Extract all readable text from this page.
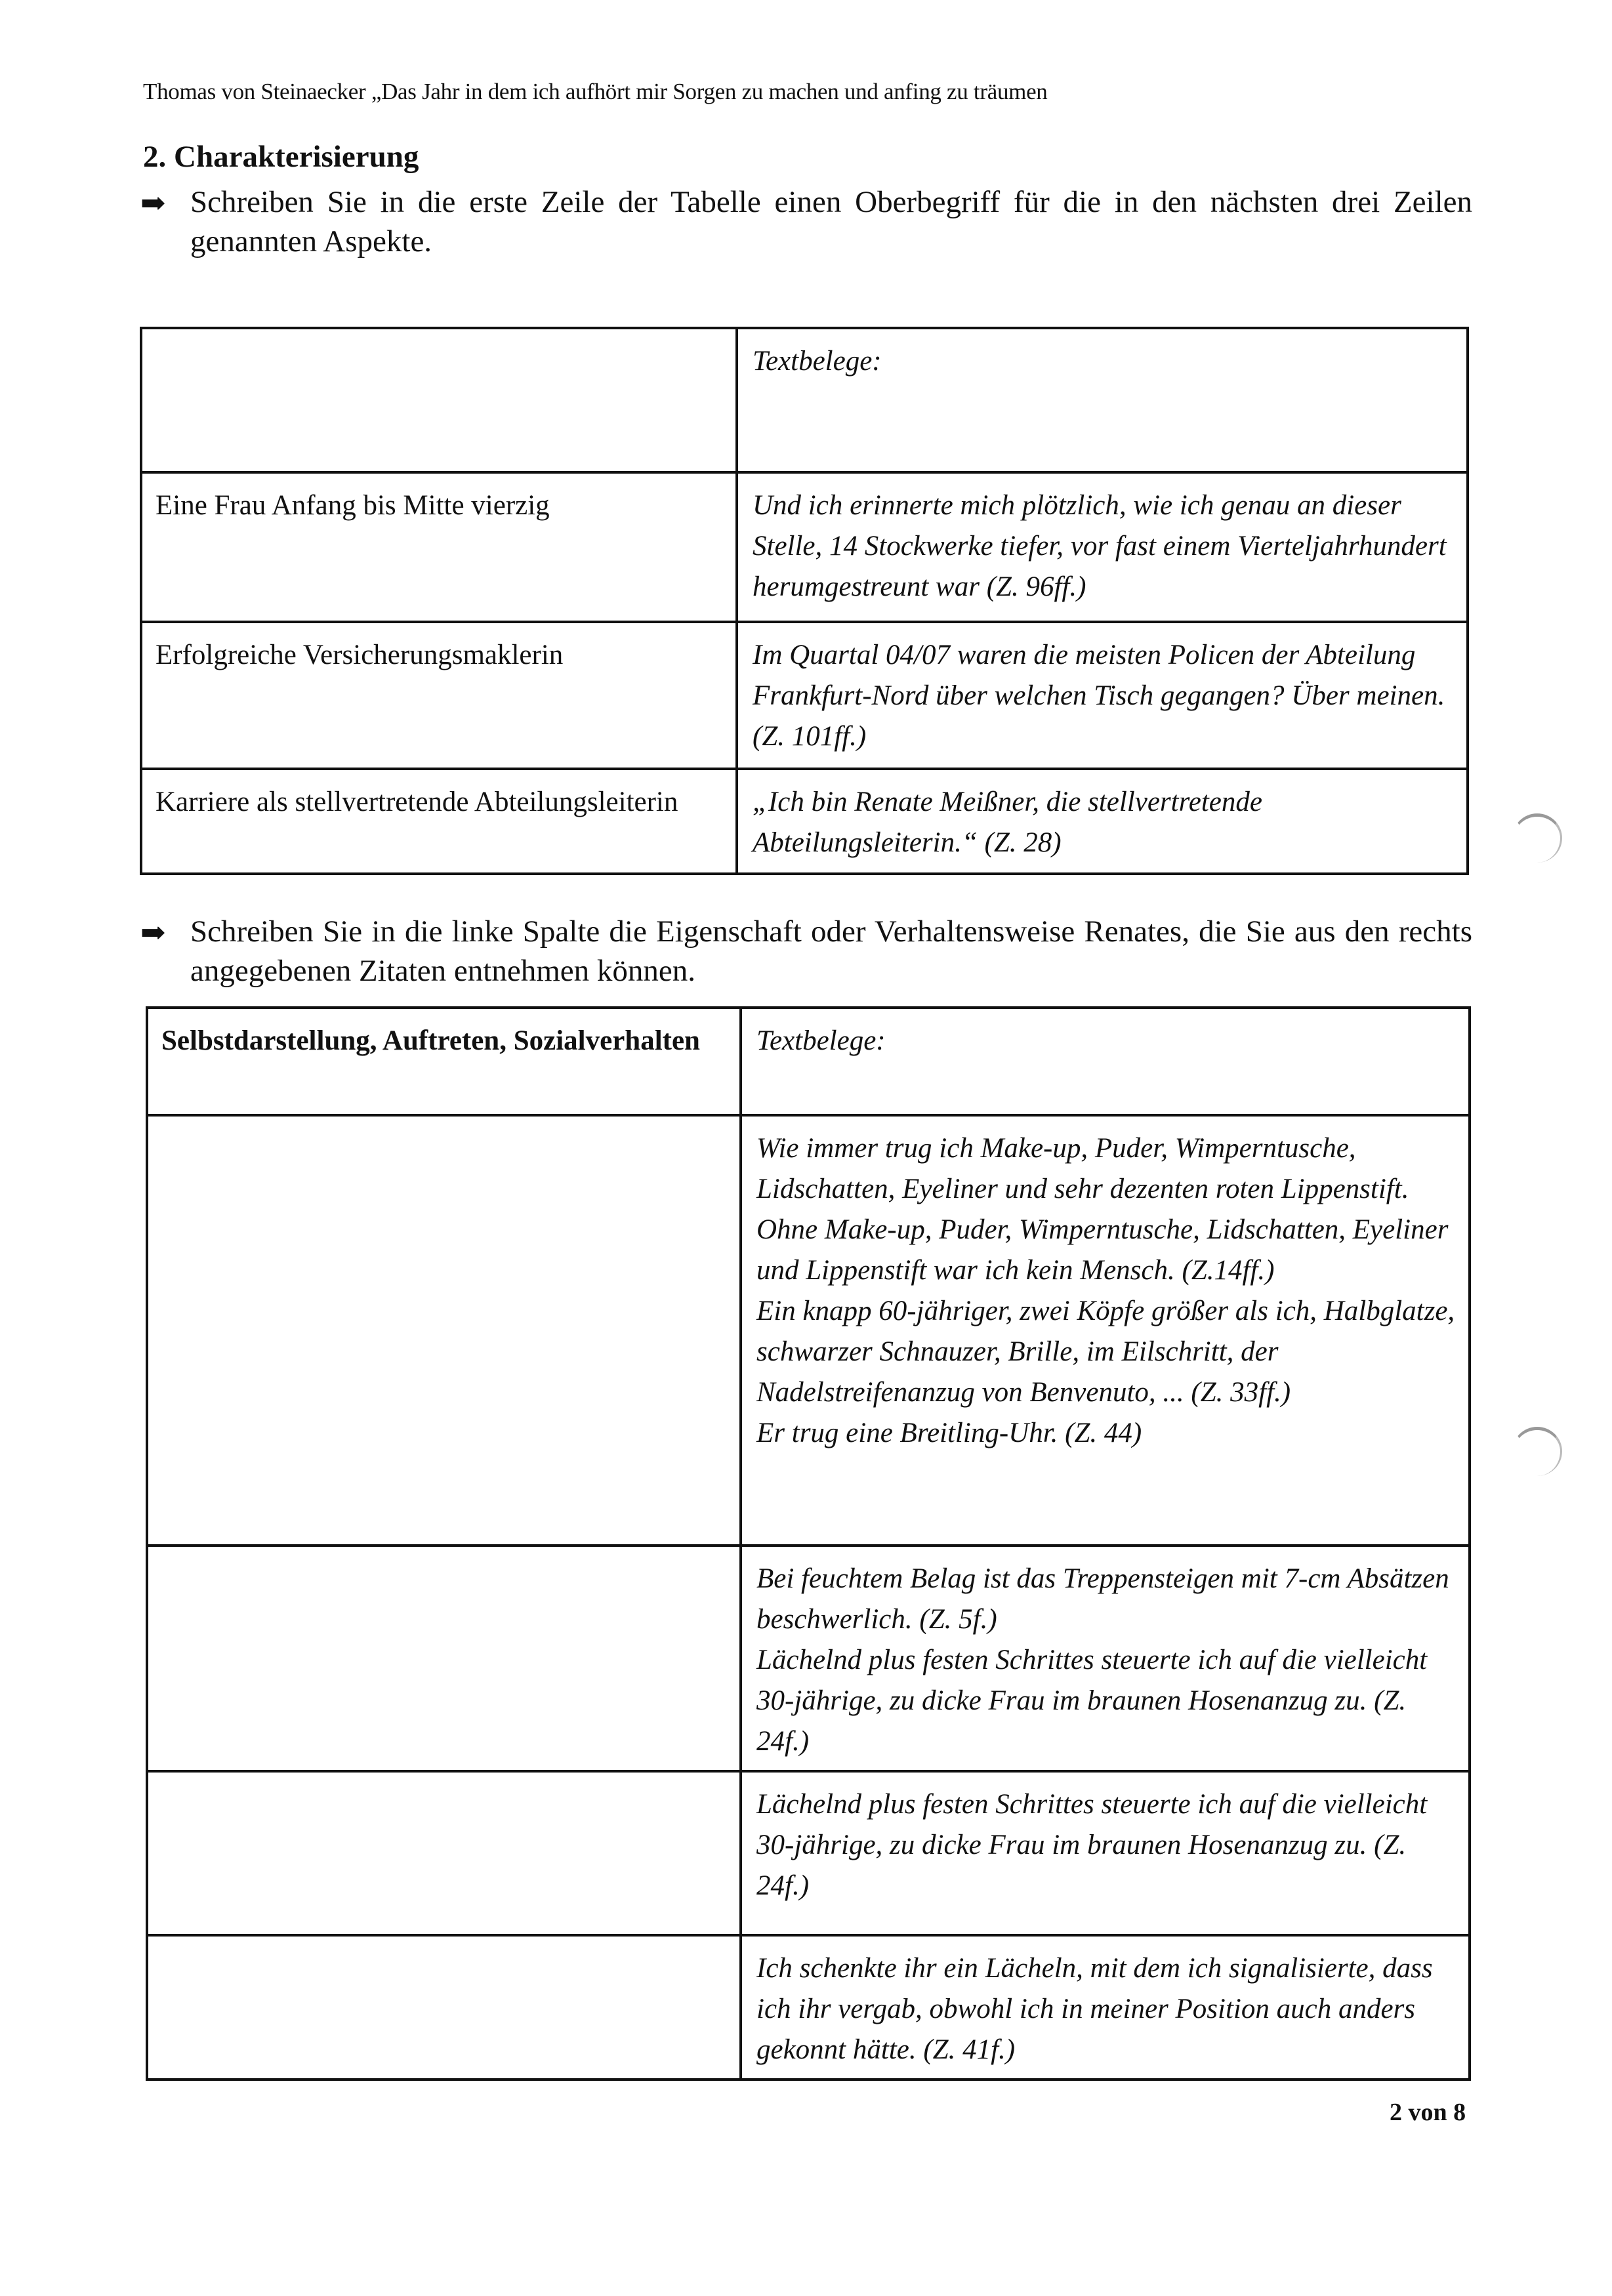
Thomas von Steinaecker „Das Jahr in dem ich aufhört mir Sorgen zu machen und anfing zu träumen
2. Charakterisierung
➡ Schreiben Sie in die erste Zeile der Tabelle einen Oberbegriff für die in den nächsten drei Zeilen genannten Aspekte.
	Textbelege:
Eine Frau Anfang bis Mitte vierzig	Und ich erinnerte mich plötzlich, wie ich genau an dieser Stelle, 14 Stockwerke tiefer, vor fast einem Vierteljahrhundert herumgestreunt war (Z. 96ff.)
Erfolgreiche Versicherungsmaklerin	Im Quartal 04/07 waren die meisten Policen der Abteilung Frankfurt-Nord über welchen Tisch gegangen? Über meinen. (Z. 101ff.)
Karriere als stellvertretende Abteilungsleiterin	„Ich bin Renate Meißner, die stellvertretende Abteilungsleiterin.“ (Z. 28)
➡ Schreiben Sie in die linke Spalte die Eigenschaft oder Verhaltensweise Renates, die Sie aus den rechts angegebenen Zitaten entnehmen können.
Selbstdarstellung, Auftreten, Sozialverhalten	Textbelege:
	Wie immer trug ich Make-up, Puder, Wimperntusche, Lidschatten, Eyeliner und sehr dezenten roten Lippenstift. Ohne Make-up, Puder, Wimperntusche, Lidschatten, Eyeliner und Lippenstift war ich kein Mensch. (Z.14ff.)
Ein knapp 60-jähriger, zwei Köpfe größer als ich, Halbglatze, schwarzer Schnauzer, Brille, im Eilschritt, der Nadelstreifenanzug von Benvenuto, ... (Z. 33ff.)
Er trug eine Breitling-Uhr. (Z. 44)
	Bei feuchtem Belag ist das Treppensteigen mit 7-cm Absätzen beschwerlich. (Z. 5f.)
Lächelnd plus festen Schrittes steuerte ich auf die vielleicht 30-jährige, zu dicke Frau im braunen Hosenanzug zu. (Z. 24f.)
	Lächelnd plus festen Schrittes steuerte ich auf die vielleicht 30-jährige, zu dicke Frau im braunen Hosenanzug zu. (Z. 24f.)
	Ich schenkte ihr ein Lächeln, mit dem ich signalisierte, dass ich ihr vergab, obwohl ich in meiner Position auch anders gekonnt hätte. (Z. 41f.)
2 von 8
